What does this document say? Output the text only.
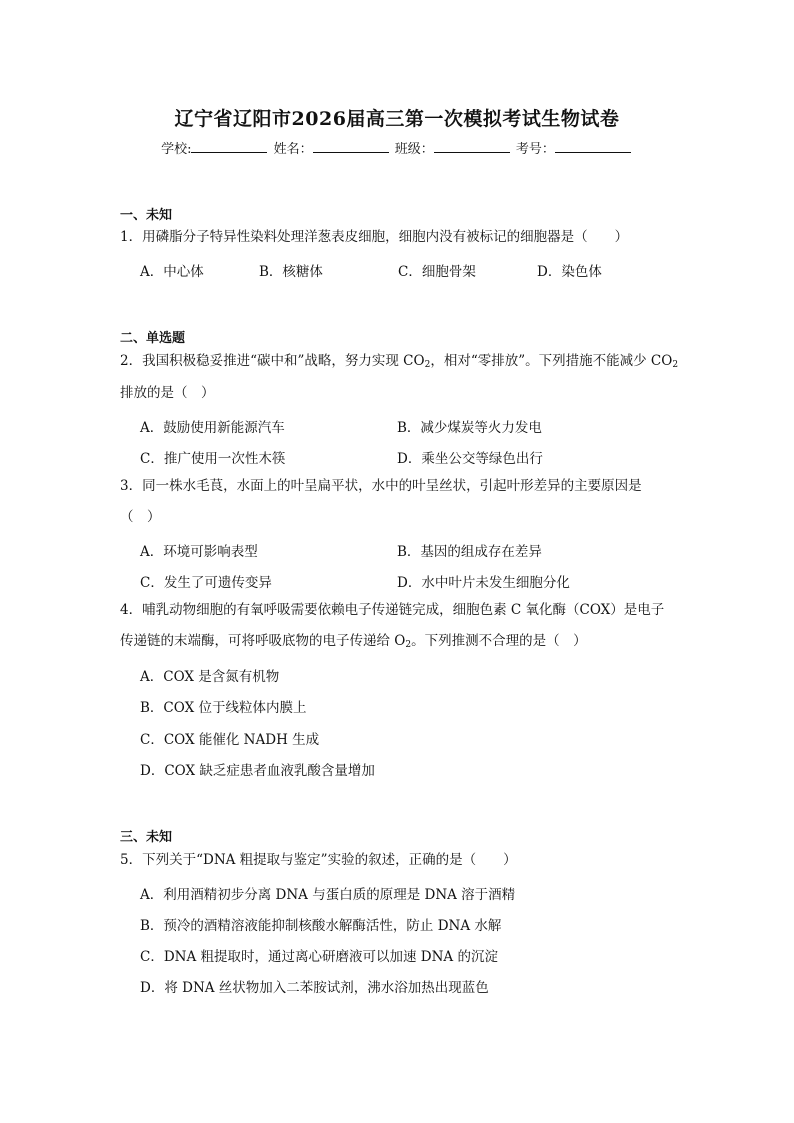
辽宁省辽阳市2026届高三第一次模拟考试生物试卷
学校:	姓名：	班级：	考号：
一、未知
1．用磷脂分子特异性染料处理洋葱表皮细胞，细胞内没有被标记的细胞器是（　　）
A．中心体	B．核糖体	C．细胞骨架	D．染色体
二、单选题
2．我国积极稳妥推进“碳中和”战略，努力实现 $CO_2$，相对“零排放”。下列措施不能减少 $CO_2$
排放的是（　）
A．鼓励使用新能源汽车	B．减少煤炭等火力发电
C．推广使用一次性木筷	D．乘坐公交等绿色出行
3．同一株水毛茛，水面上的叶呈扁平状，水中的叶呈丝状，引起叶形差异的主要原因是
（　）
A．环境可影响表型	B．基因的组成存在差异
C．发生了可遗传变异	D．水中叶片未发生细胞分化
4．哺乳动物细胞的有氧呼吸需要依赖电子传递链完成，细胞色素 C 氧化酶（COX）是电子
传递链的末端酶，可将呼吸底物的电子传递给 $O_2$。下列推测不合理的是（　）
A．COX 是含氮有机物
B．COX 位于线粒体内膜上
C．COX 能催化 NADH 生成
D．COX 缺乏症患者血液乳酸含量增加
三、未知
5．下列关于“DNA 粗提取与鉴定”实验的叙述，正确的是（　　）
A．利用酒精初步分离 DNA 与蛋白质的原理是 DNA 溶于酒精
B．预冷的酒精溶液能抑制核酸水解酶活性，防止 DNA 水解
C．DNA 粗提取时，通过离心研磨液可以加速 DNA 的沉淀
D．将 DNA 丝状物加入二苯胺试剂，沸水浴加热出现蓝色
